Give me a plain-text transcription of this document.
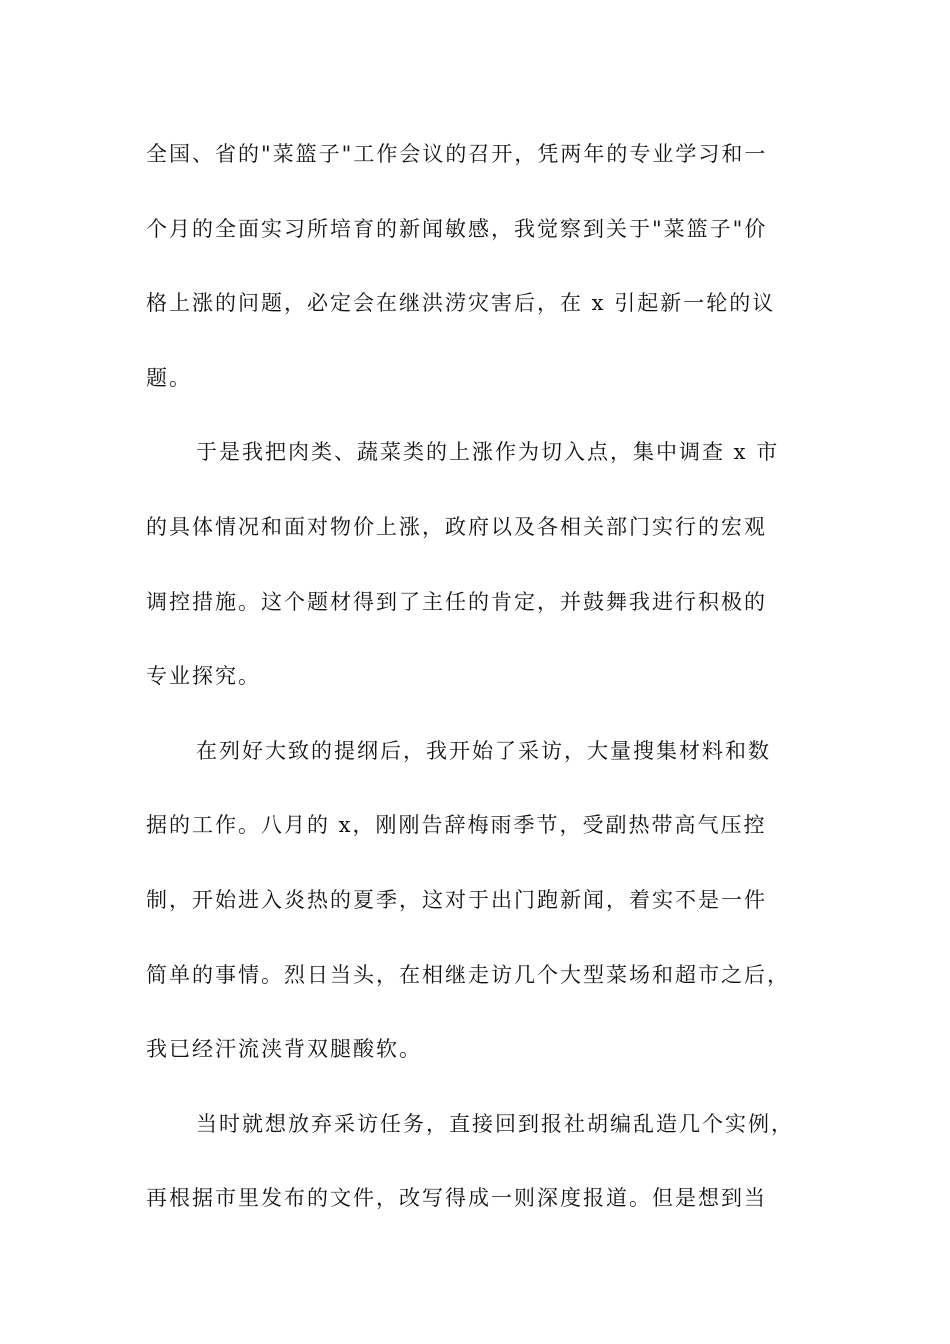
全国、省的"菜篮子"工作会议的召开，凭两年的专业学习和一
个月的全面实习所培育的新闻敏感，我觉察到关于"菜篮子"价
格上涨的问题，必定会在继洪涝灾害后，在 x 引起新一轮的议
题。
于是我把肉类、蔬菜类的上涨作为切入点，集中调查 x 市
的具体情况和面对物价上涨，政府以及各相关部门实行的宏观
调控措施。这个题材得到了主任的肯定，并鼓舞我进行积极的
专业探究。
在列好大致的提纲后，我开始了采访，大量搜集材料和数
据的工作。八月的 x，刚刚告辞梅雨季节，受副热带高气压控
制，开始进入炎热的夏季，这对于出门跑新闻，着实不是一件
简单的事情。烈日当头，在相继走访几个大型菜场和超市之后，
我已经汗流浃背双腿酸软。
当时就想放弃采访任务，直接回到报社胡编乱造几个实例，
再根据市里发布的文件，改写得成一则深度报道。但是想到当
